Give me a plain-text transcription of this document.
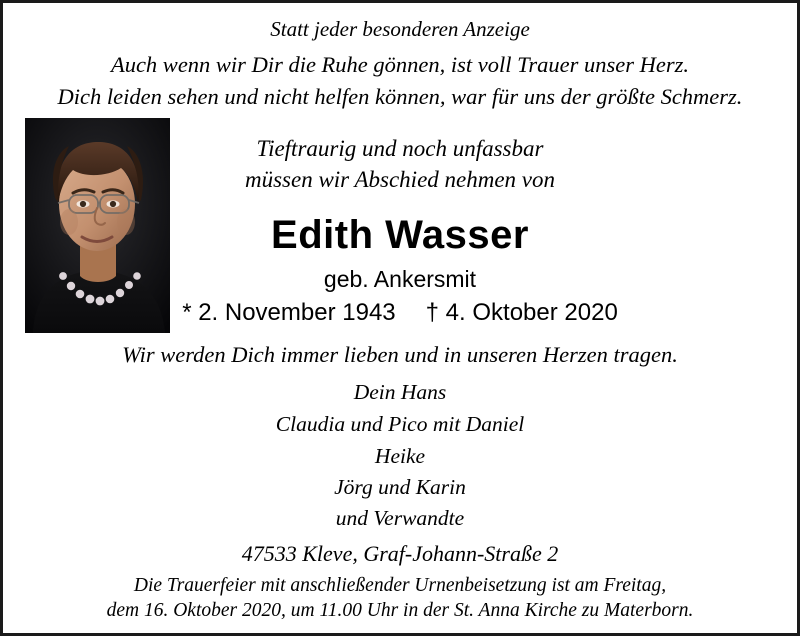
Statt jeder besonderen Anzeige
Auch wenn wir Dir die Ruhe gönnen, ist voll Trauer unser Herz.
Dich leiden sehen und nicht helfen können, war für uns der größte Schmerz.
Tieftraurig und noch unfassbar
müssen wir Abschied nehmen von
Edith Wasser
geb. Ankersmit
* 2. November 1943 † 4. Oktober 2020
Wir werden Dich immer lieben und in unseren Herzen tragen.
Dein Hans
Claudia und Pico mit Daniel
Heike
Jörg und Karin
und Verwandte
47533 Kleve, Graf-Johann-Straße 2
Die Trauerfeier mit anschließender Urnenbeisetzung ist am Freitag,
dem 16. Oktober 2020, um 11.00 Uhr in der St. Anna Kirche zu Materborn.
